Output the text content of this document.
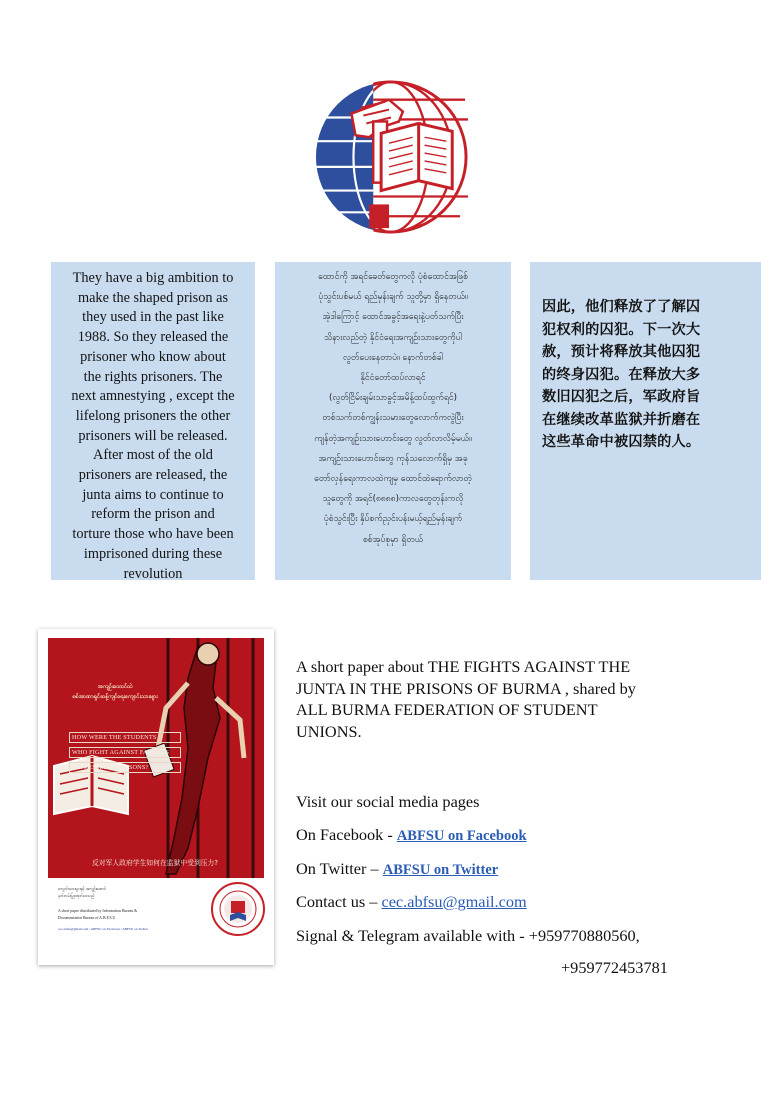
They have a big ambition to
make the shaped prison as
they used in the past like
1988. So they released the
prisoner who know about
the rights prisoners. The
next amnestying , except the
lifelong prisoners the other
prisoners will be released.
After most of the old
prisoners are released, the
junta aims to continue to
reform the prison and
torture those who have been
imprisoned during these
revolution
ထောင်ကို အရင်ခေတ်တွေကလို ပုံစံထောင်အဖြစ်
ပုံသွင်းပစ်မယ် ရည်မှန်းချက် သူတို့မှာ ရှိနေတယ်။
အဲ့ဒါကြောင့် ထောင်အခွင့်အရေးနဲ့ပတ်သက်ပြီး
သိနားလည်တဲ့ နိုင်ငံရေးအကျဉ်းသားတွေကိုပါ
လွတ်ပေးနေတာပဲ။ နောက်တစ်ခါ
နိုင်ငံတော်ထပ်လာရင်
(လွတ်ငြိမ်းချမ်းသာခွင့်အမိန့်ထပ်ထွက်ရင်)
တစ်သက်တစ်ကျွန်းသမားတွေလောက်ကလွဲပြီး
ကျန်တဲ့အကျဉ်းသားဟောင်းတွေ လွတ်လာလိမ့်မယ်။
အကျဉ်းသားဟောင်းတွေ ကုန်သလောက်ရှိမှ အခု
တော်လှန်ရေးကာလထဲကျမှ ထောင်ထဲရောက်လာတဲ့
သူတွေကို အရင်(၈၈၈၈)ကာလတွေတုန်းကလို
ပုံစံသွင်းပြီး နှိပ်စက်ညှင်းပန်းမယ့်ရည်မှန်းချက်
စစ်အုပ်စုမှာ ရှိတယ်
因此，他们释放了了解囚
犯权利的囚犯。下一次大
赦，预计将释放其他囚犯
的终身囚犯。在释放大多
数旧囚犯之后，军政府旨
在继续改革监狱并折磨在
这些革命中被囚禁的人。
အကျဉ်းထောင်ထဲ
စစ်အာဏာရှင်ဆန့်ကျင်ရေးကျောင်းသားများ
HOW WERE THE STUDENTS
WHO FIGHT AGAINST FASCISTS
OPPRESSED IN PRISONS?
反对军人政府学生如何在监狱中受到压力?
ကျောင်းသားများနှင့် အကျဉ်းထောင်
မှတ်တမ်းပြုစုထုတ်ဝေသည်
A short paper distributed by Information Bureau &
Documentation Bureau of A.B.F.S.U
cec.abfsu@gmail.com / ABFSU on Facebook / ABFSU on Twitter
A short paper about THE FIGHTS AGAINST THE
JUNTA IN THE PRISONS OF BURMA , shared by
ALL BURMA FEDERATION OF STUDENT
UNIONS.
Visit our social media pages
On Facebook - ABFSU on Facebook
On Twitter – ABFSU on Twitter
Contact us – cec.abfsu@gmail.com
Signal & Telegram available with - +959770880560,
+959772453781
